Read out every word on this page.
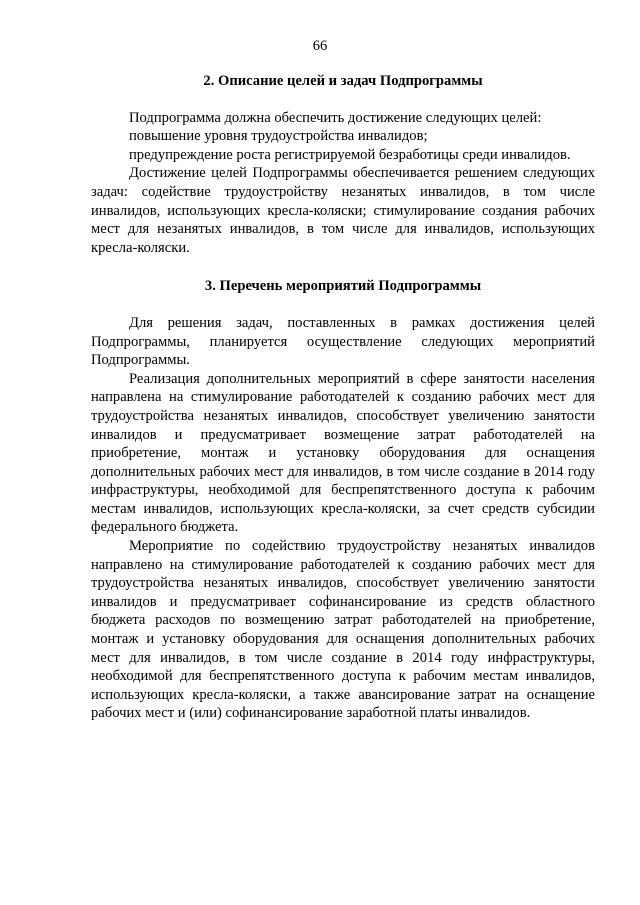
66
2. Описание целей и задач Подпрограммы

Подпрограмма должна обеспечить достижение следующих целей:

повышение уровня трудоустройства инвалидов;

предупреждение роста регистрируемой безработицы среди инвалидов.

Достижение целей Подпрограммы обеспечивается решением следующих задач: содействие трудоустройству незанятых инвалидов, в том числе инвалидов, использующих кресла-коляски; стимулирование создания рабочих мест для незанятых инвалидов, в том числе для инвалидов, использующих кресла-коляски.

3. Перечень мероприятий Подпрограммы

Для решения задач, поставленных в рамках достижения целей Подпрограммы, планируется осуществление следующих мероприятий Подпрограммы.

Реализация дополнительных мероприятий в сфере занятости населения направлена на стимулирование работодателей к созданию рабочих мест для трудоустройства незанятых инвалидов, способствует увеличению занятости инвалидов и предусматривает возмещение затрат работодателей на приобретение, монтаж и установку оборудования для оснащения дополнительных рабочих мест для инвалидов, в том числе создание в 2014 году инфраструктуры, необходимой для беспрепятственного доступа к рабочим местам инвалидов, использующих кресла-коляски, за счет средств субсидии федерального бюджета.

Мероприятие по содействию трудоустройству незанятых инвалидов направлено на стимулирование работодателей к созданию рабочих мест для трудоустройства незанятых инвалидов, способствует увеличению занятости инвалидов и предусматривает софинансирование из средств областного бюджета расходов по возмещению затрат работодателей на приобретение, монтаж и установку оборудования для оснащения дополнительных рабочих мест для инвалидов, в том числе создание в 2014 году инфраструктуры, необходимой для беспрепятственного доступа к рабочим местам инвалидов, использующих кресла-коляски, а также авансирование затрат на оснащение рабочих мест и (или) софинансирование заработной платы инвалидов.
